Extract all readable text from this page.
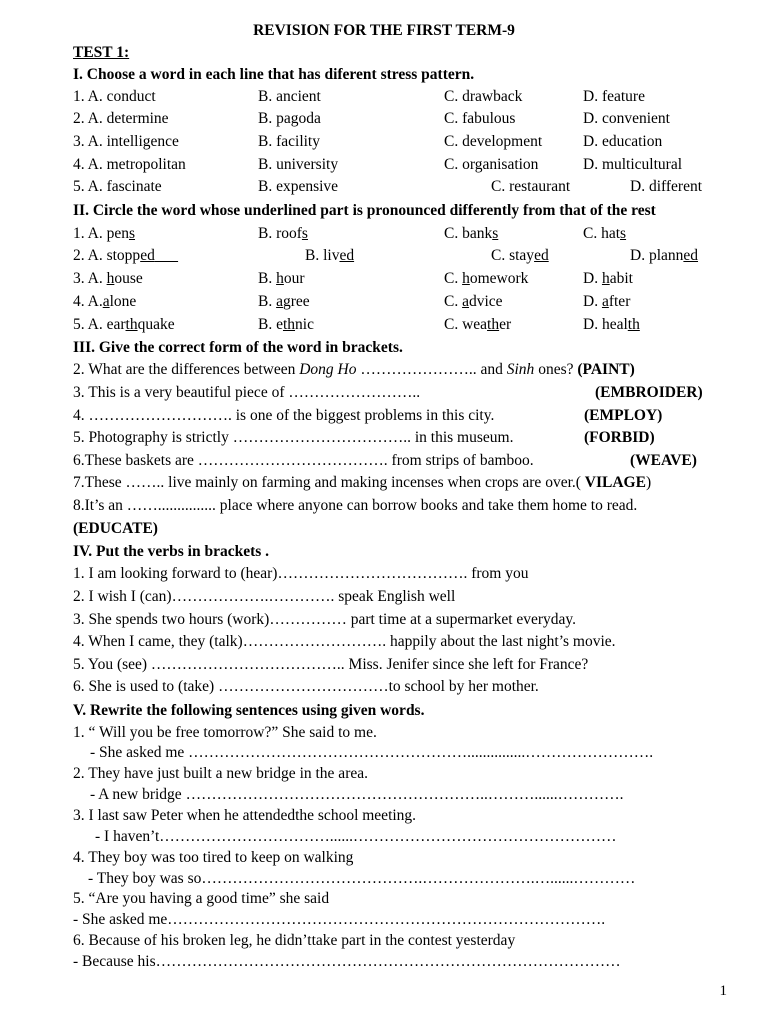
REVISION FOR THE FIRST TERM-9
TEST 1:
I. Choose a word in each line that has diferent stress pattern.
1. A. conduct	B. ancient	C. drawback	D. feature
2. A. determine	B. pagoda	C. fabulous	D. convenient
3. A. intelligence	B. facility	C. development	D. education
4. A. metropolitan	B. university	C. organisation	D. multicultural
5. A. fascinate	B. expensive	C. restaurant	D. different
II. Circle the word whose underlined part is pronounced differently from that of the rest
1. A. pens	B. roofs	C. banks	C. hats
2. A. stopped	B. lived	C. stayed	D. planned
3. A. house	B. hour	C. homework	D. habit
4. A.alone	B. agree	C. advice	D. after
5. A. earthquake	B. ethnic	C. weather	D. health
III. Give the correct form of the word in brackets.
2. What are the differences between Dong Ho ………………….. and Sinh ones? (PAINT)
3. This is a very beautiful piece of ……………………..	(EMBROIDER)
4. ………………………. is one of the biggest problems in this city.	(EMPLOY)
5. Photography is strictly …………………………….. in this museum.	(FORBID)
6.These baskets are ………………………………. from strips of bamboo.	(WEAVE)
7.These …….. live mainly on farming and making incenses when crops are over.( VILAGE)
8.It’s an ……............... place where anyone can borrow books and take them home to read.
(EDUCATE)
IV. Put the verbs in brackets .
1. I am looking forward to (hear)………………………………. from you
2. I wish I (can)……………….…………. speak English well
3. She spends two hours (work)…………… part time at a supermarket everyday.
4. When I came, they (talk)………………………. happily about the last night’s movie.
5. You (see) ……………………………….. Miss. Jenifer since she left for France?
6. She is used to (take) ……………………………to school by her mother.
V. Rewrite the following sentences using given words.
1. “ Will you be free tomorrow?” She said to me.
- She asked me ………………………………………………...............…………………….
2. They have just built a new bridge in the area.
- A new bridge …………………………………………………..………......………….
3. I last saw Peter when he attendedthe school meeting.
- I haven’t……………………………......……………………………………………
4. They boy was too tired to keep on walking
- They boy was so…………………………………….………………….…......…………
5. “Are you having a good time” she said
- She asked me………………………………………………………………………….
6. Because of his broken leg, he didn’ttake part in the contest yesterday
- Because his………………………………………………………………………………
1
